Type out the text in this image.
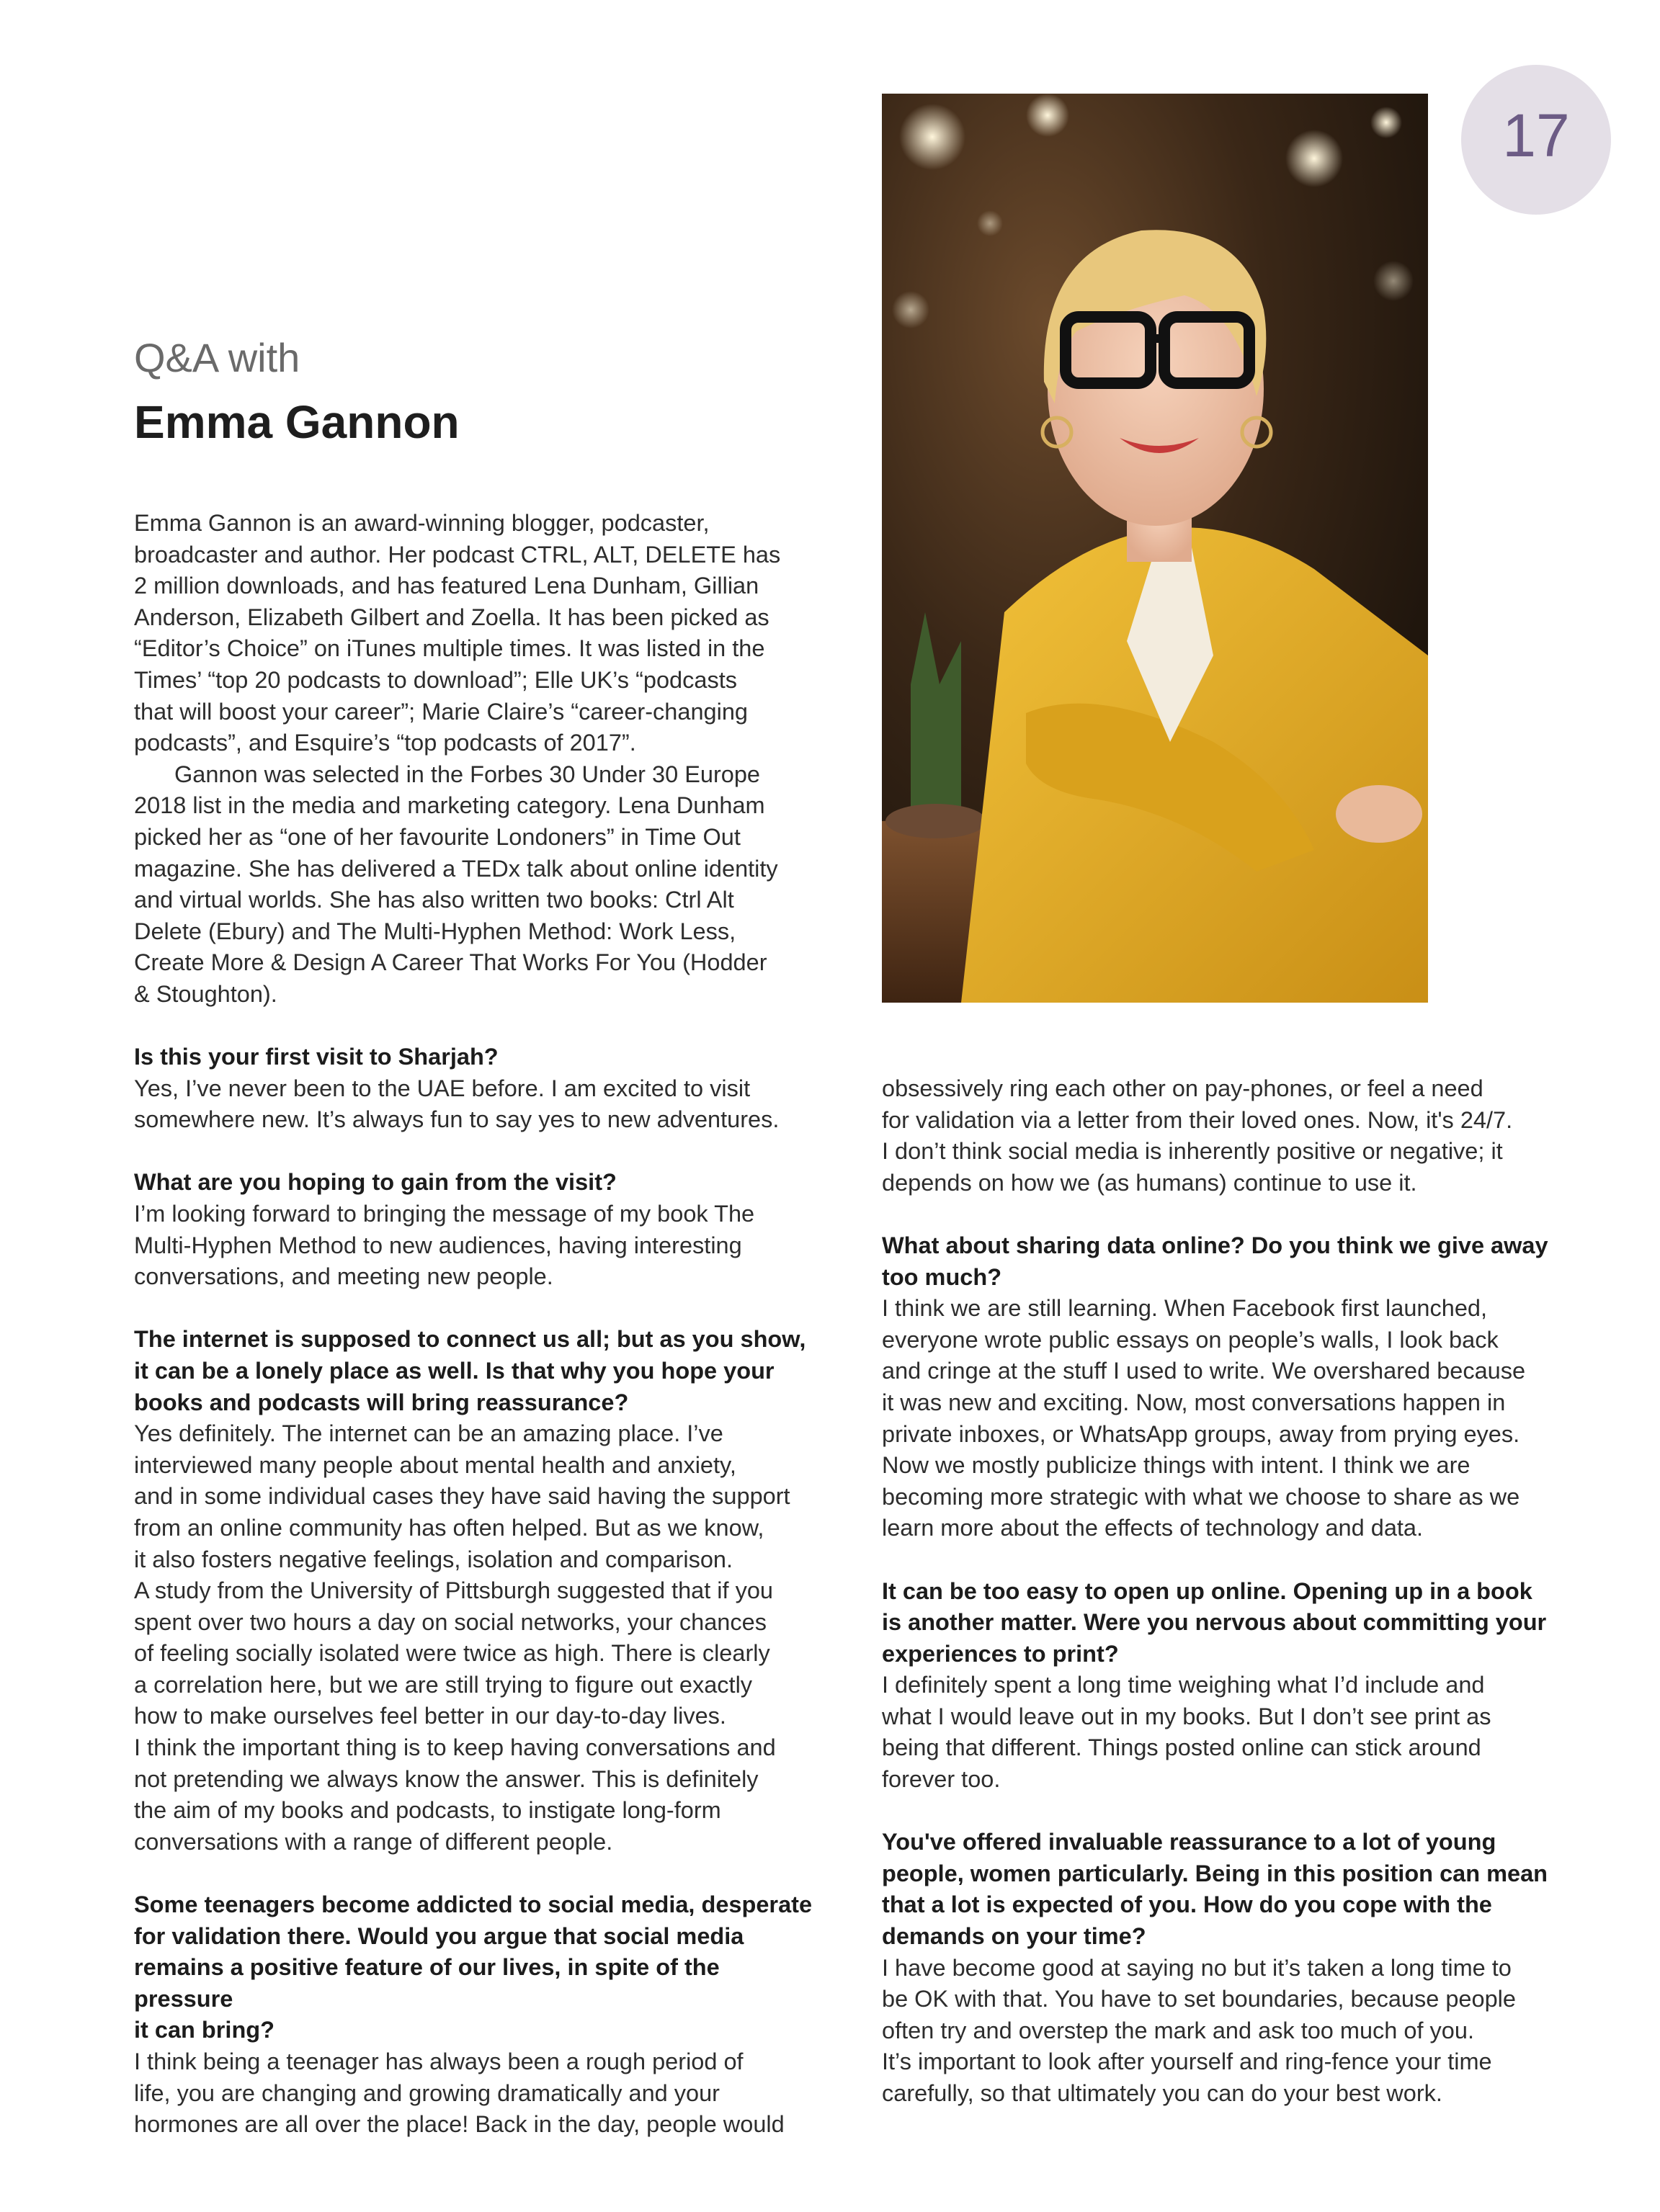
17
Q&A with
Emma Gannon

Emma Gannon is an award-winning blogger, podcaster,
broadcaster and author. Her podcast CTRL, ALT, DELETE has
2 million downloads, and has featured Lena Dunham, Gillian
Anderson, Elizabeth Gilbert and Zoella. It has been picked as
“Editor’s Choice” on iTunes multiple times. It was listed in the
Times’ “top 20 podcasts to download”; Elle UK’s “podcasts
that will boost your career”; Marie Claire’s “career-changing
podcasts”, and Esquire’s “top podcasts of 2017”.

Gannon was selected in the Forbes 30 Under 30 Europe
2018 list in the media and marketing category. Lena Dunham
picked her as “one of her favourite Londoners” in Time Out
magazine. She has delivered a TEDx talk about online identity
and virtual worlds. She has also written two books: Ctrl Alt
Delete (Ebury) and The Multi-Hyphen Method: Work Less,
Create More & Design A Career That Works For You (Hodder
& Stoughton).

Is this your first visit to Sharjah?

Yes, I’ve never been to the UAE before. I am excited to visit
somewhere new. It’s always fun to say yes to new adventures.

What are you hoping to gain from the visit?

I’m looking forward to bringing the message of my book The
Multi-Hyphen Method to new audiences, having interesting
conversations, and meeting new people.

The internet is supposed to connect us all; but as you show,
it can be a lonely place as well. Is that why you hope your
books and podcasts will bring reassurance?

Yes definitely. The internet can be an amazing place. I’ve
interviewed many people about mental health and anxiety,
and in some individual cases they have said having the support
from an online community has often helped. But as we know,
it also fosters negative feelings, isolation and comparison.
A study from the University of Pittsburgh suggested that if you
spent over two hours a day on social networks, your chances
of feeling socially isolated were twice as high. There is clearly
a correlation here, but we are still trying to figure out exactly
how to make ourselves feel better in our day-to-day lives.
I think the important thing is to keep having conversations and
not pretending we always know the answer. This is definitely
the aim of my books and podcasts, to instigate long-form
conversations with a range of different people.

Some teenagers become addicted to social media, desperate
for validation there. Would you argue that social media
remains a positive feature of our lives, in spite of the pressure
it can bring?

I think being a teenager has always been a rough period of
life, you are changing and growing dramatically and your
hormones are all over the place! Back in the day, people would

obsessively ring each other on pay-phones, or feel a need
for validation via a letter from their loved ones. Now, it's 24/7.
I don’t think social media is inherently positive or negative; it
depends on how we (as humans) continue to use it.

What about sharing data online? Do you think we give away
too much?

I think we are still learning. When Facebook first launched,
everyone wrote public essays on people’s walls, I look back
and cringe at the stuff I used to write. We overshared because
it was new and exciting. Now, most conversations happen in
private inboxes, or WhatsApp groups, away from prying eyes.
Now we mostly publicize things with intent. I think we are
becoming more strategic with what we choose to share as we
learn more about the effects of technology and data.

It can be too easy to open up online. Opening up in a book
is another matter. Were you nervous about committing your
experiences to print?

I definitely spent a long time weighing what I’d include and
what I would leave out in my books. But I don’t see print as
being that different. Things posted online can stick around
forever too.

You've offered invaluable reassurance to a lot of young
people, women particularly. Being in this position can mean
that a lot is expected of you. How do you cope with the
demands on your time?

I have become good at saying no but it’s taken a long time to
be OK with that. You have to set boundaries, because people
often try and overstep the mark and ask too much of you.
It’s important to look after yourself and ring-fence your time
carefully, so that ultimately you can do your best work.
